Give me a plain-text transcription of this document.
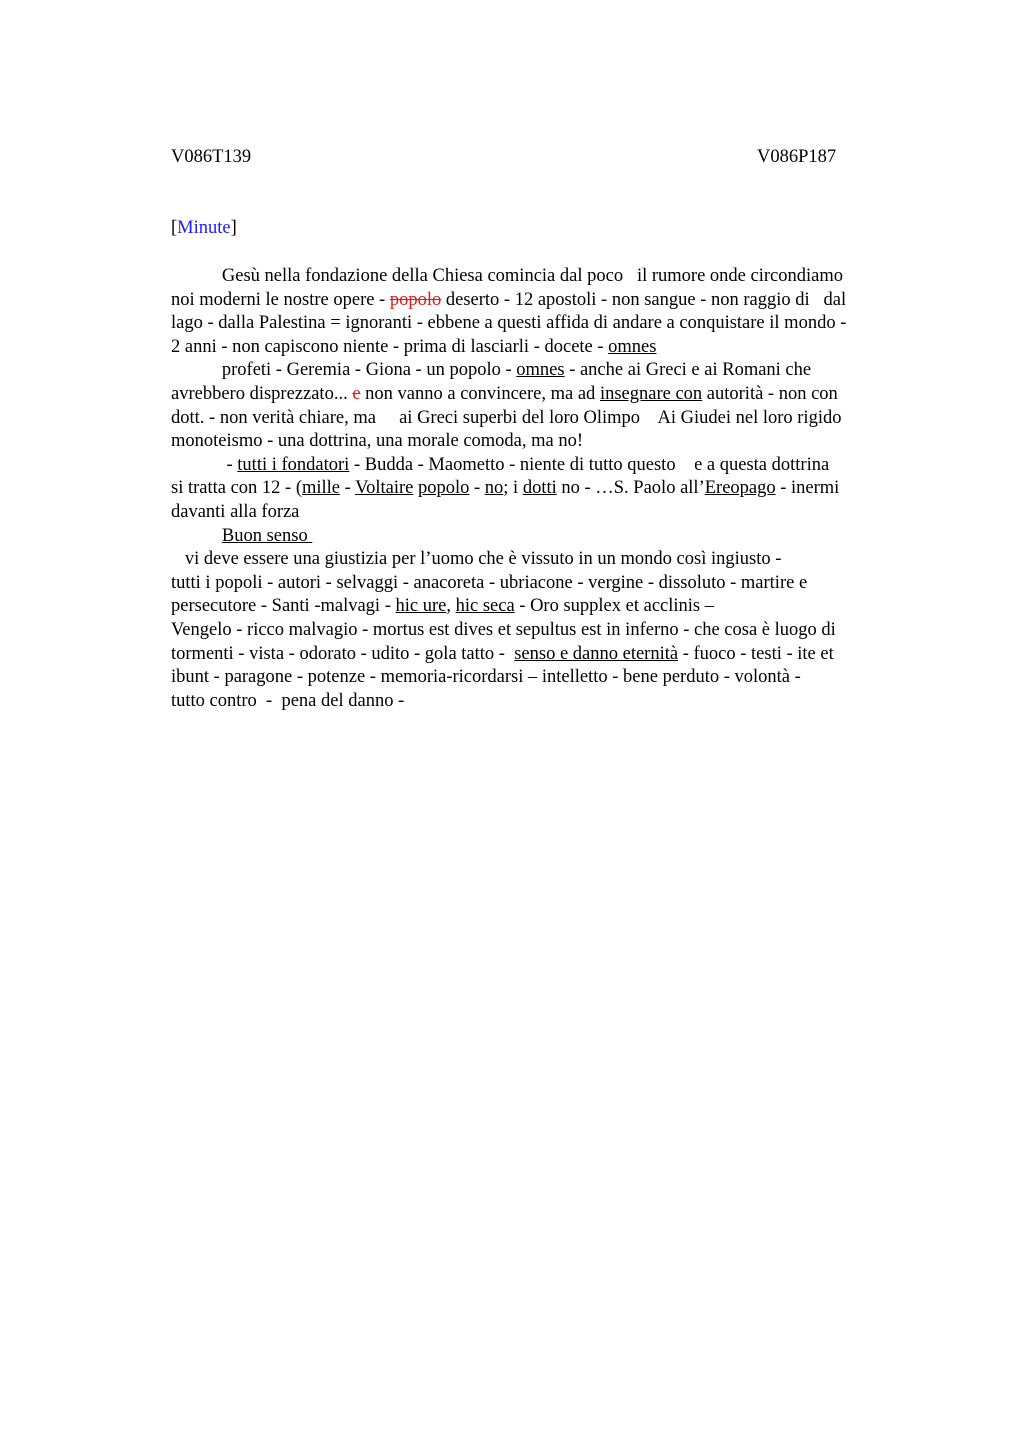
V086T139	V086P187
[Minute]
Gesù nella fondazione della Chiesa comincia dal poco   il rumore onde circondiamo
noi moderni le nostre opere - popolo deserto - 12 apostoli - non sangue - non raggio di   dal
lago - dalla Palestina = ignoranti - ebbene a questi affida di andare a conquistare il mondo -
2 anni - non capiscono niente - prima di lasciarli - docete - omnes
profeti - Geremia - Giona - un popolo - omnes - anche ai Greci e ai Romani che
avrebbero disprezzato... e non vanno a convincere, ma ad insegnare con autorità - non con
dott. - non verità chiare, ma     ai Greci superbi del loro Olimpo    Ai Giudei nel loro rigido
monoteismo - una dottrina, una morale comoda, ma no!
- tutti i fondatori - Budda - Maometto - niente di tutto questo    e a questa dottrina
si tratta con 12 - (mille - Voltaire popolo - no; i dotti no - …S. Paolo all’Ereopago - inermi
davanti alla forza
Buon senso
vi deve essere una giustizia per l’uomo che è vissuto in un mondo così ingiusto -
tutti i popoli - autori - selvaggi - anacoreta - ubriacone - vergine - dissoluto - martire e
persecutore - Santi -malvagi - hic ure, hic seca - Oro supplex et acclinis –
Vengelo - ricco malvagio - mortus est dives et sepultus est in inferno - che cosa è luogo di
tormenti - vista - odorato - udito - gola tatto -  senso e danno eternità - fuoco - testi - ite et
ibunt - paragone - potenze - memoria-ricordarsi – intelletto - bene perduto - volontà -
tutto contro  -  pena del danno -
